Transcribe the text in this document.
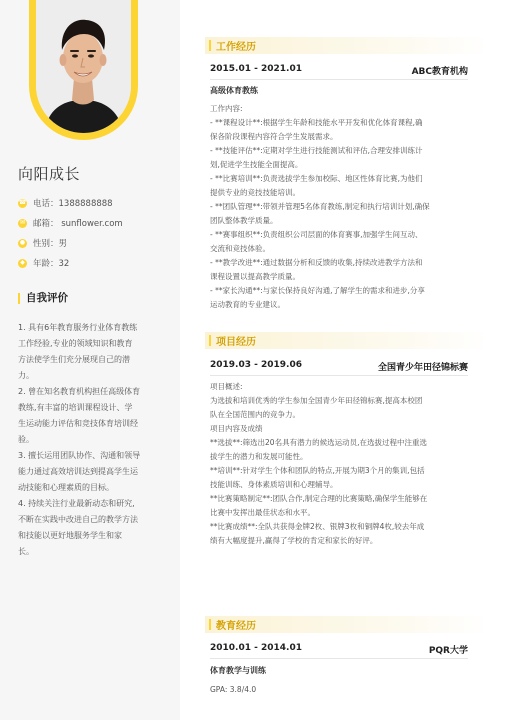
向阳成长
☎ 电话：1388888888
✉ 邮箱： sunflower.com
● 性别：男
◆ 年龄：32
自我评价
1. 具有6年教育服务行业体育教练
工作经验,专业的领域知识和教育
方法使学生们充分展现自己的潜
力。
2. 曾在知名教育机构担任高级体育
教练,有丰富的培训课程设计、学
生运动能力评估和竞技体育培训经
验。
3. 擅长运用团队协作、沟通和领导
能力通过高效培训达到提高学生运
动技能和心理素质的目标。
4. 持续关注行业最新动态和研究,
不断在实践中改进自己的教学方法
和技能以更好地服务学生和家
长。
工作经历
2015.01 - 2021.01	ABC教育机构
高级体育教练
工作内容:
- **课程设计**:根据学生年龄和技能水平开发和优化体育课程,确
保各阶段课程内容符合学生发展需求。
- **技能评估**:定期对学生进行技能测试和评估,合理安排训练计
划,促进学生技能全面提高。
- **比赛培训**:负责选拔学生参加校际、地区性体育比赛,为他们
提供专业的竞技技能培训。
- **团队管理**:带领并管理5名体育教练,制定和执行培训计划,确保
团队整体教学质量。
- **赛事组织**:负责组织公司层面的体育赛事,加强学生间互动、
交流和竞技体验。
- **教学改进**:通过数据分析和反馈的收集,持续改进教学方法和
课程设置以提高教学质量。
- **家长沟通**:与家长保持良好沟通,了解学生的需求和进步,分享
运动教育的专业建议。
项目经历
2019.03 - 2019.06	全国青少年田径锦标赛
项目概述:
为选拔和培训优秀的学生参加全国青少年田径锦标赛,提高本校团
队在全国范围内的竞争力。
项目内容及成绩
**选拔**:筛选出20名具有潜力的候选运动员,在选拔过程中注重选
拔学生的潜力和发展可能性。
**培训**:针对学生个体和团队的特点,开展为期3个月的集训,包括
技能训练、身体素质培训和心理辅导。
**比赛策略制定**:团队合作,制定合理的比赛策略,确保学生能够在
比赛中发挥出最佳状态和水平。
**比赛成绩**:全队共获得金牌2枚、银牌3枚和铜牌4枚,较去年成
绩有大幅度提升,赢得了学校的肯定和家长的好评。
教育经历
2010.01 - 2014.01	PQR大学
体育教学与训练
GPA: 3.8/4.0
